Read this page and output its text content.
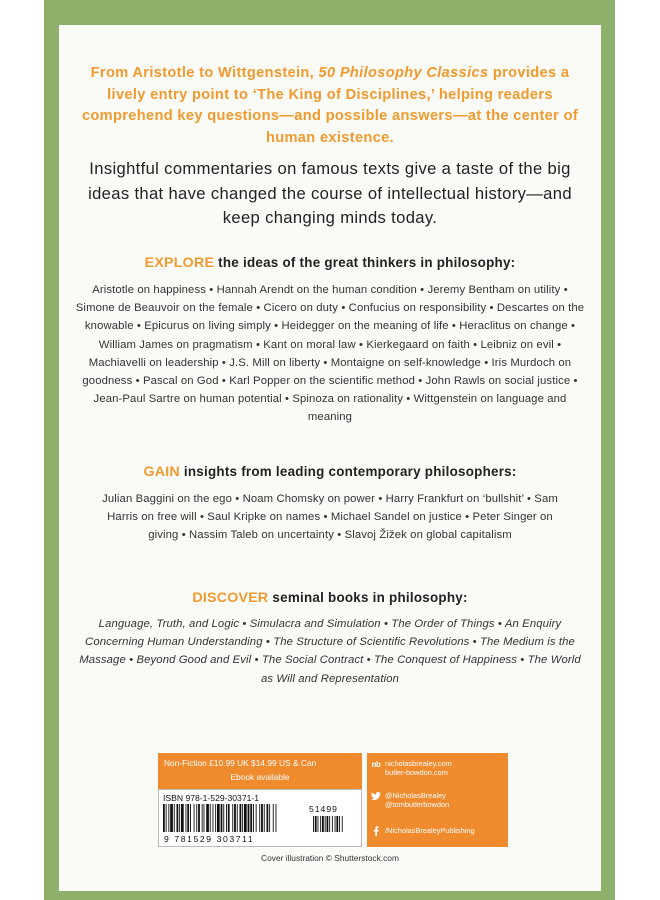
From Aristotle to Wittgenstein, 50 Philosophy Classics provides a lively entry point to ‘The King of Disciplines,’ helping readers comprehend key questions—and possible answers—at the center of human existence.
Insightful commentaries on famous texts give a taste of the big ideas that have changed the course of intellectual history—and keep changing minds today.
EXPLORE the ideas of the great thinkers in philosophy:
Aristotle on happiness • Hannah Arendt on the human condition • Jeremy Bentham on utility • Simone de Beauvoir on the female • Cicero on duty • Confucius on responsibility • Descartes on the knowable • Epicurus on living simply • Heidegger on the meaning of life • Heraclitus on change • William James on pragmatism • Kant on moral law • Kierkegaard on faith • Leibniz on evil • Machiavelli on leadership • J.S. Mill on liberty • Montaigne on self-knowledge • Iris Murdoch on goodness • Pascal on God • Karl Popper on the scientific method • John Rawls on social justice • Jean-Paul Sartre on human potential • Spinoza on rationality • Wittgenstein on language and meaning
GAIN insights from leading contemporary philosophers:
Julian Baggini on the ego • Noam Chomsky on power • Harry Frankfurt on ‘bullshit’ • Sam Harris on free will • Saul Kripke on names • Michael Sandel on justice • Peter Singer on giving • Nassim Taleb on uncertainty • Slavoj Žižek on global capitalism
DISCOVER seminal books in philosophy:
Language, Truth, and Logic • Simulacra and Simulation • The Order of Things • An Enquiry Concerning Human Understanding • The Structure of Scientific Revolutions • The Medium is the Massage • Beyond Good and Evil • The Social Contract • The Conquest of Happiness • The World as Will and Representation
Non-Fiction £10.99 UK $14.99 US & Can
Ebook available
ISBN 978-1-529-30371-1
9 781529 303711
51499
nb nicholasbrealey.com
butler-bowdon.com
@NicholasBrealey
@tombutlerbowdon
/NicholasBrealeyPublishing
Cover illustration © Shutterstock.com
